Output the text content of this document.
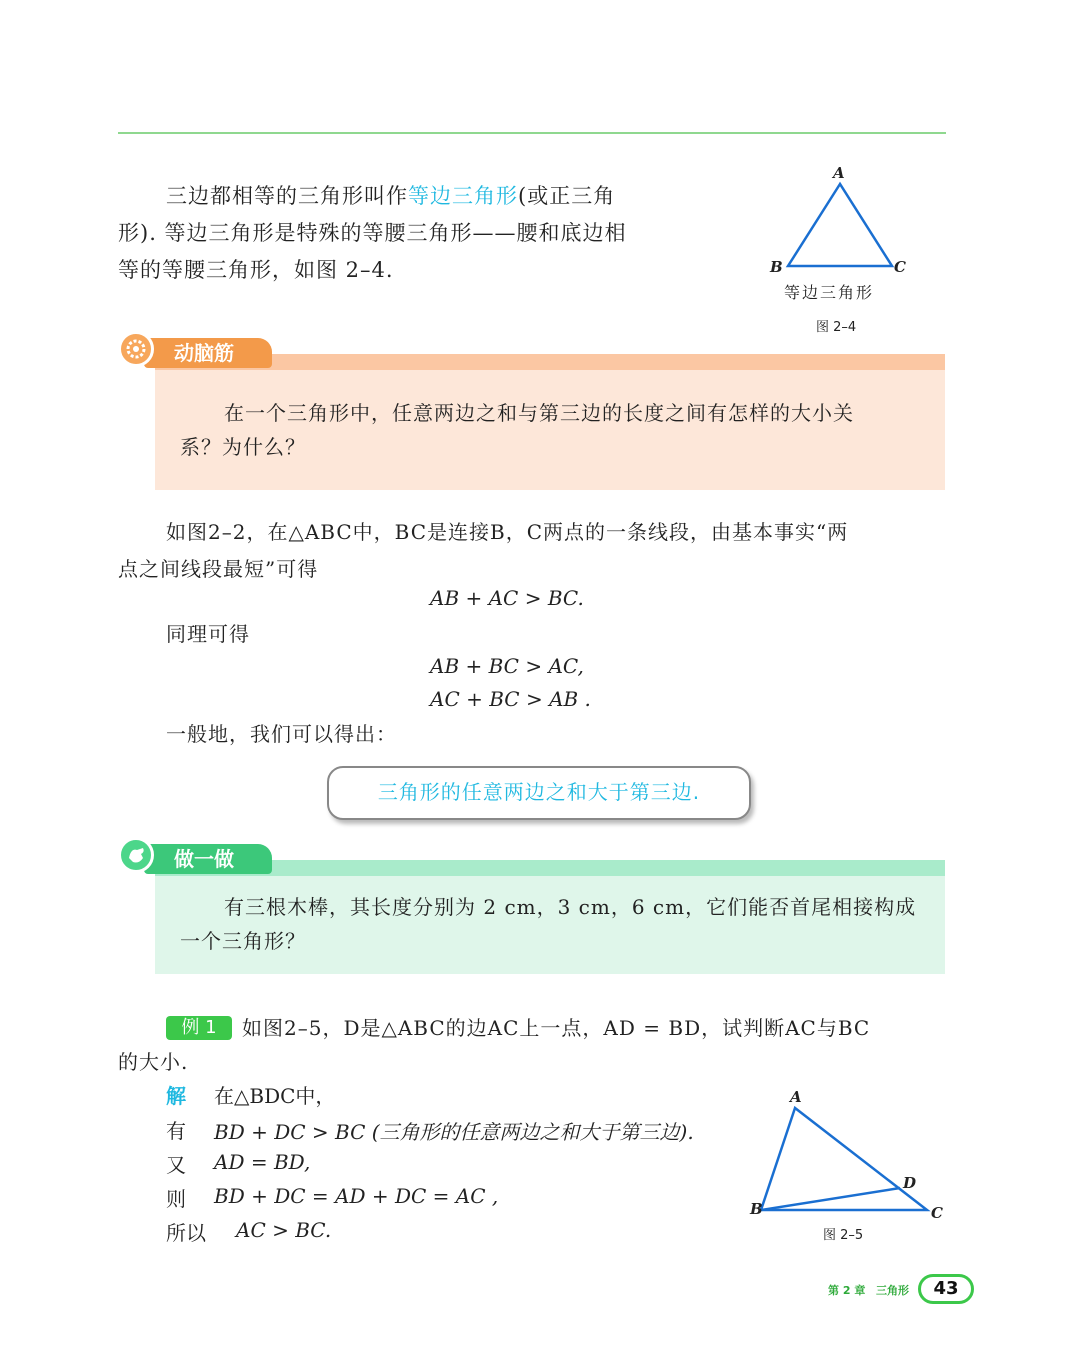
三边都相等的三角形叫作等边三角形(或正三角
形). 等边三角形是特殊的等腰三角形——腰和底边相
等的等腰三角形，如图 2–4.
A
B	C
等边三角形
图 2–4
动脑筋
在一个三角形中，任意两边之和与第三边的长度之间有怎样的大小关
系？为什么？
如图2–2，在△ABC中，BC是连接B，C两点的一条线段，由基本事实“两
点之间线段最短”可得
AB + AC > BC.
同理可得
AB + BC > AC,
AC + BC > AB .
一般地，我们可以得出：
三角形的任意两边之和大于第三边.
做一做
有三根木棒，其长度分别为 2 cm，3 cm，6 cm，它们能否首尾相接构成
一个三角形？
例 1	如图2–5，D是△ABC的边AC上一点，AD = BD，试判断AC与BC
的大小.
解 在△BDC中，
有 BD + DC > BC (三角形的任意两边之和大于第三边).
又 AD = BD,
则 BD + DC = AD + DC = AC ,
所以 AC > BC.
A
B	C
D
图 2–5
第 2 章 三角形	43
